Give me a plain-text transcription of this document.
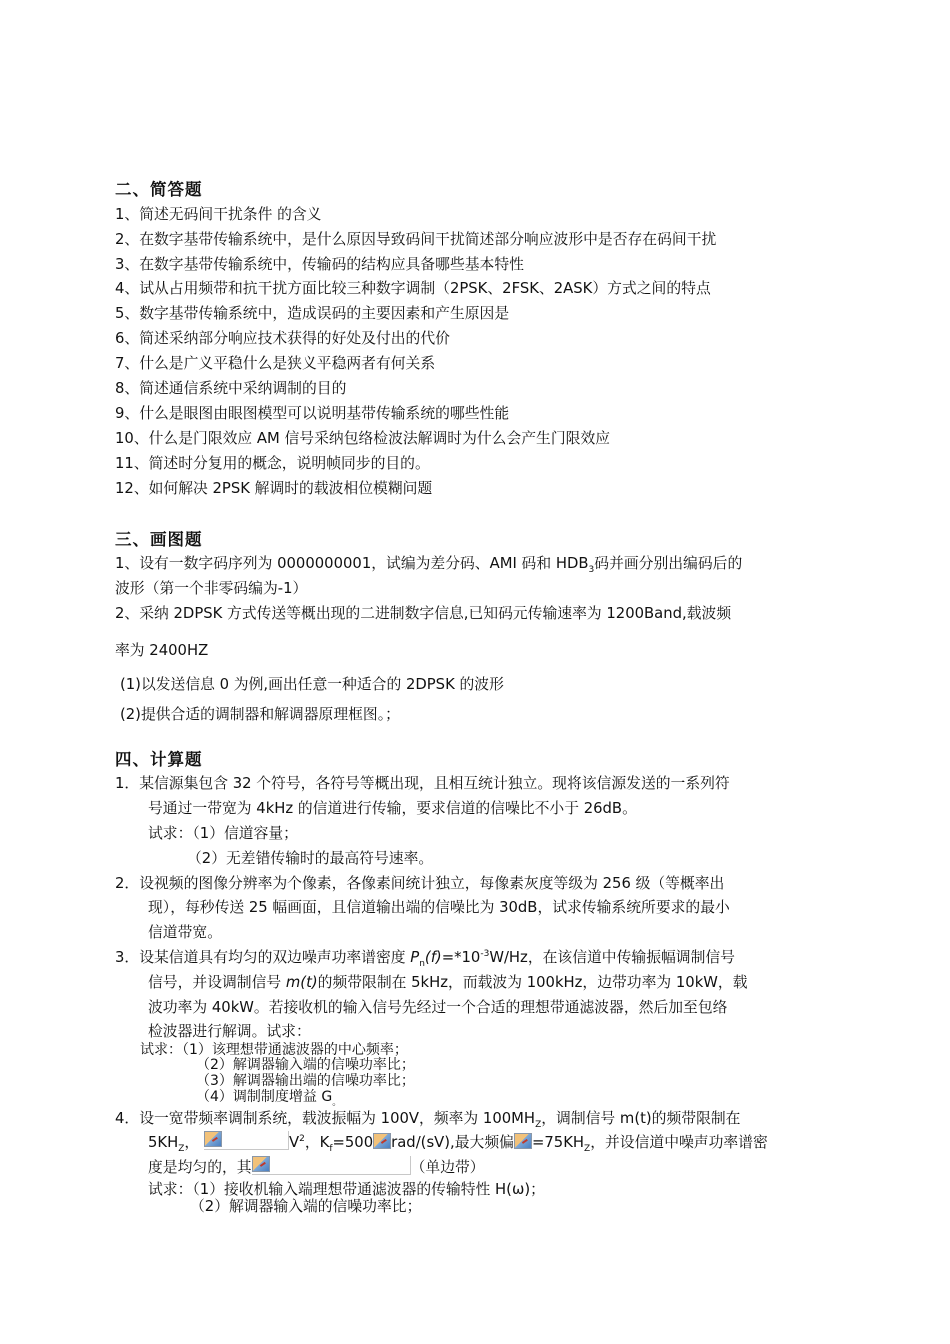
二、简答题
1、简述无码间干扰条件 的含义
2、在数字基带传输系统中，是什么原因导致码间干扰简述部分响应波形中是否存在码间干扰
3、在数字基带传输系统中，传输码的结构应具备哪些基本特性
4、试从占用频带和抗干扰方面比较三种数字调制（2PSK、2FSK、2ASK）方式之间的特点
5、数字基带传输系统中，造成误码的主要因素和产生原因是
6、简述采纳部分响应技术获得的好处及付出的代价
7、什么是广义平稳什么是狭义平稳两者有何关系
8、简述通信系统中采纳调制的目的
9、什么是眼图由眼图模型可以说明基带传输系统的哪些性能
10、什么是门限效应 AM 信号采纳包络检波法解调时为什么会产生门限效应
11、简述时分复用的概念，说明帧同步的目的。
12、如何解决 2PSK 解调时的载波相位模糊问题
三、画图题
1、设有一数字码序列为 0000000001，试编为差分码、AMI 码和 $HDB_3$码并画分别出编码后的
波形（第一个非零码编为-1）
2、采纳 2DPSK 方式传送等概出现的二进制数字信息,已知码元传输速率为 1200Band,载波频
率为 2400HZ
(1)以发送信息 0 为例,画出任意一种适合的 2DPSK 的波形
(2)提供合适的调制器和解调器原理框图。；
四、计算题
1．某信源集包含 32 个符号，各符号等概出现，且相互统计独立。现将该信源发送的一系列符
号通过一带宽为 4kHz 的信道进行传输，要求信道的信噪比不小于 26dB。
试求：（1）信道容量；
（2）无差错传输时的最高符号速率。
2．设视频的图像分辨率为个像素，各像素间统计独立，每像素灰度等级为 256 级（等概率出
现），每秒传送 25 幅画面，且信道输出端的信噪比为 30dB，试求传输系统所要求的最小
信道带宽。
3．设某信道具有均匀的双边噪声功率谱密度 $P_n(f)=*10^{-3}W/Hz$，在该信道中传输振幅调制信号
信号，并设调制信号 m(t)的频带限制在 5kHz，而载波为 100kHz，边带功率为 10kW，载
波功率为 40kW。若接收机的输入信号先经过一个合适的理想带通滤波器，然后加至包络
检波器进行解调。试求：
试求：（1）该理想带通滤波器的中心频率；
（2）解调器输入端的信噪功率比；
（3）解调器输出端的信噪功率比；
（4）调制制度增益 $G_。$
4．设一宽带频率调制系统，载波振幅为 100V，频率为 $100MH_Z$，调制信号 m(t)的频带限制在
$5KH_Z$，	$V^2$，$K_f=500$ rad/(sV),最大频偏 $=75KH_Z$，并设信道中噪声功率谱密
度是均匀的，其	（单边带）
试求：（1）接收机输入端理想带通滤波器的传输特性 H(ω)；
（2）解调器输入端的信噪功率比；
